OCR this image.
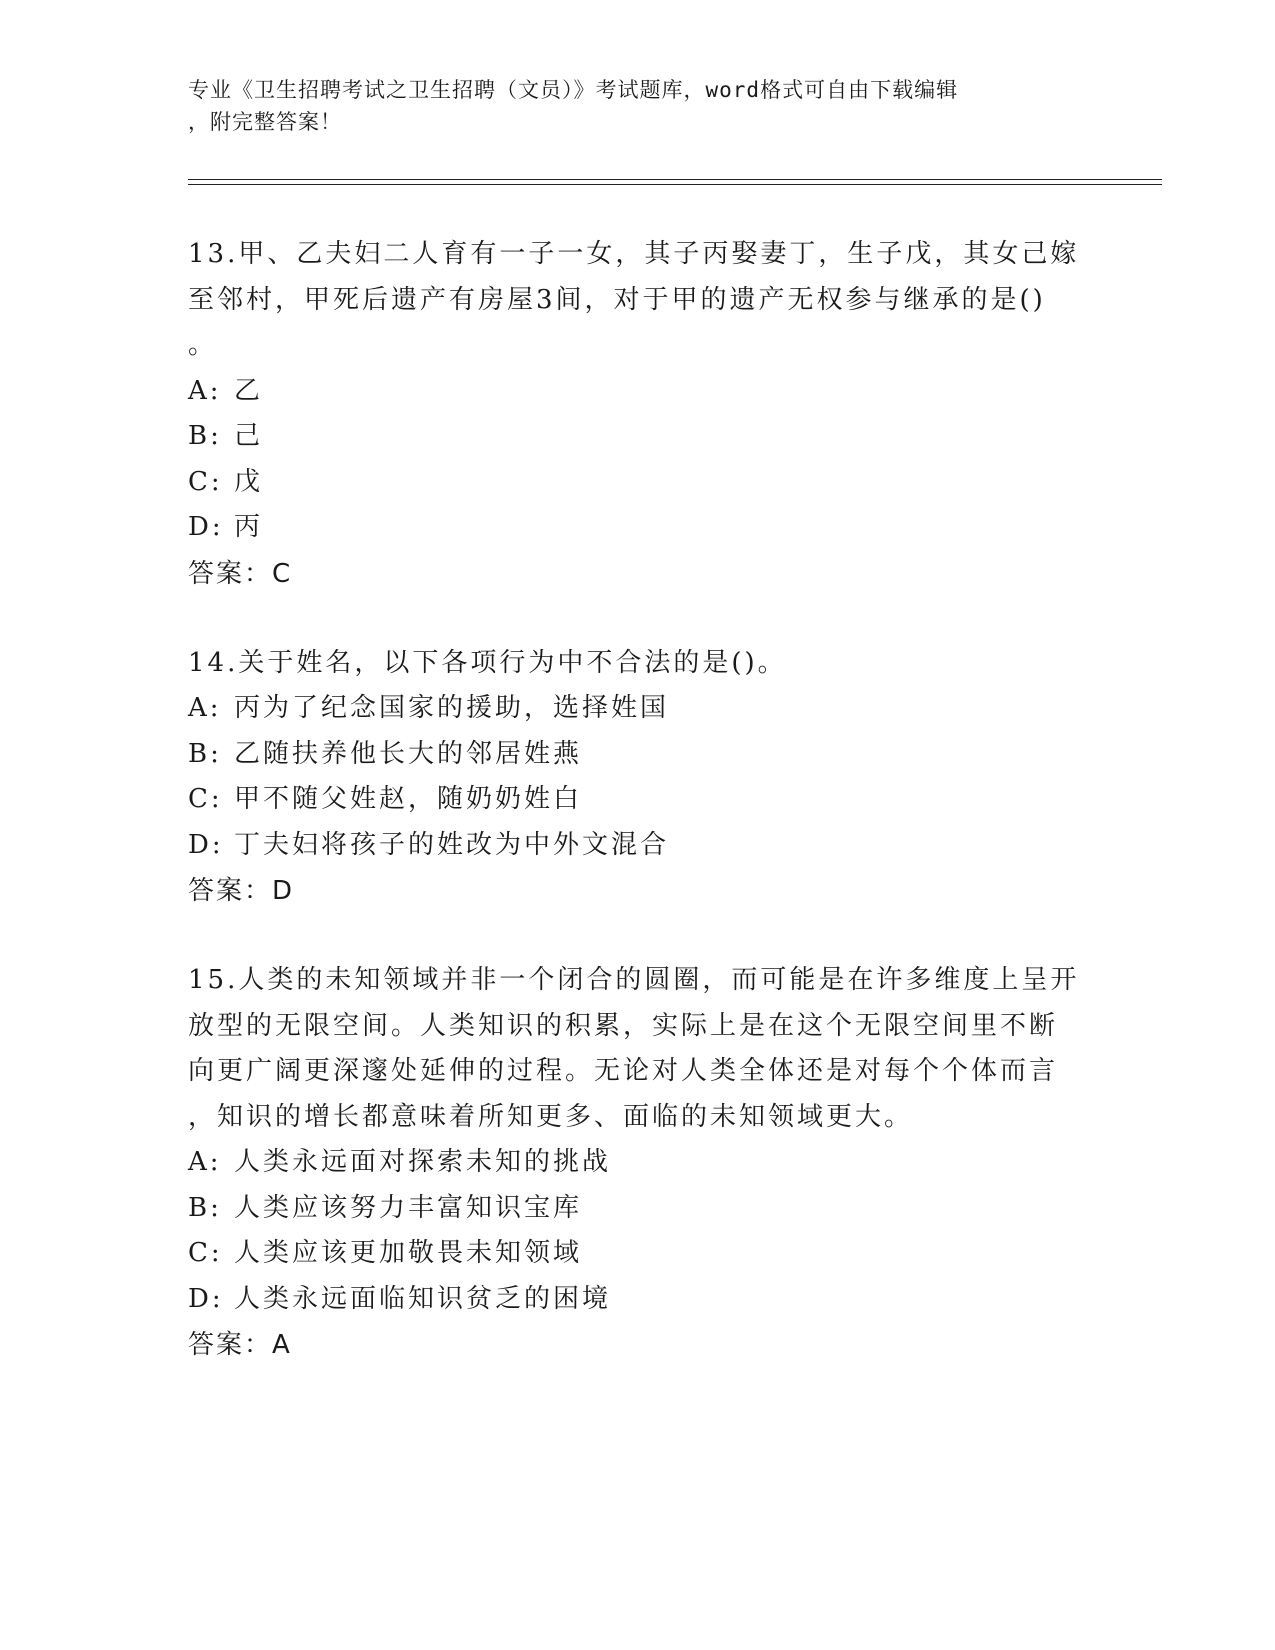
专业《卫生招聘考试之卫生招聘（文员）》考试题库，word格式可自由下载编辑
，附完整答案！
13.甲、乙夫妇二人育有一子一女，其子丙娶妻丁，生子戊，其女己嫁
至邻村，甲死后遗产有房屋3间，对于甲的遗产无权参与继承的是()
。
A: 乙
B: 己
C: 戊
D: 丙
答案：C
14.关于姓名，以下各项行为中不合法的是()。
A: 丙为了纪念国家的援助，选择姓国
B: 乙随扶养他长大的邻居姓燕
C: 甲不随父姓赵，随奶奶姓白
D: 丁夫妇将孩子的姓改为中外文混合
答案：D
15.人类的未知领域并非一个闭合的圆圈，而可能是在许多维度上呈开
放型的无限空间。人类知识的积累，实际上是在这个无限空间里不断
向更广阔更深邃处延伸的过程。无论对人类全体还是对每个个体而言
，知识的增长都意味着所知更多、面临的未知领域更大。
A: 人类永远面对探索未知的挑战
B: 人类应该努力丰富知识宝库
C: 人类应该更加敬畏未知领域
D: 人类永远面临知识贫乏的困境
答案：A
